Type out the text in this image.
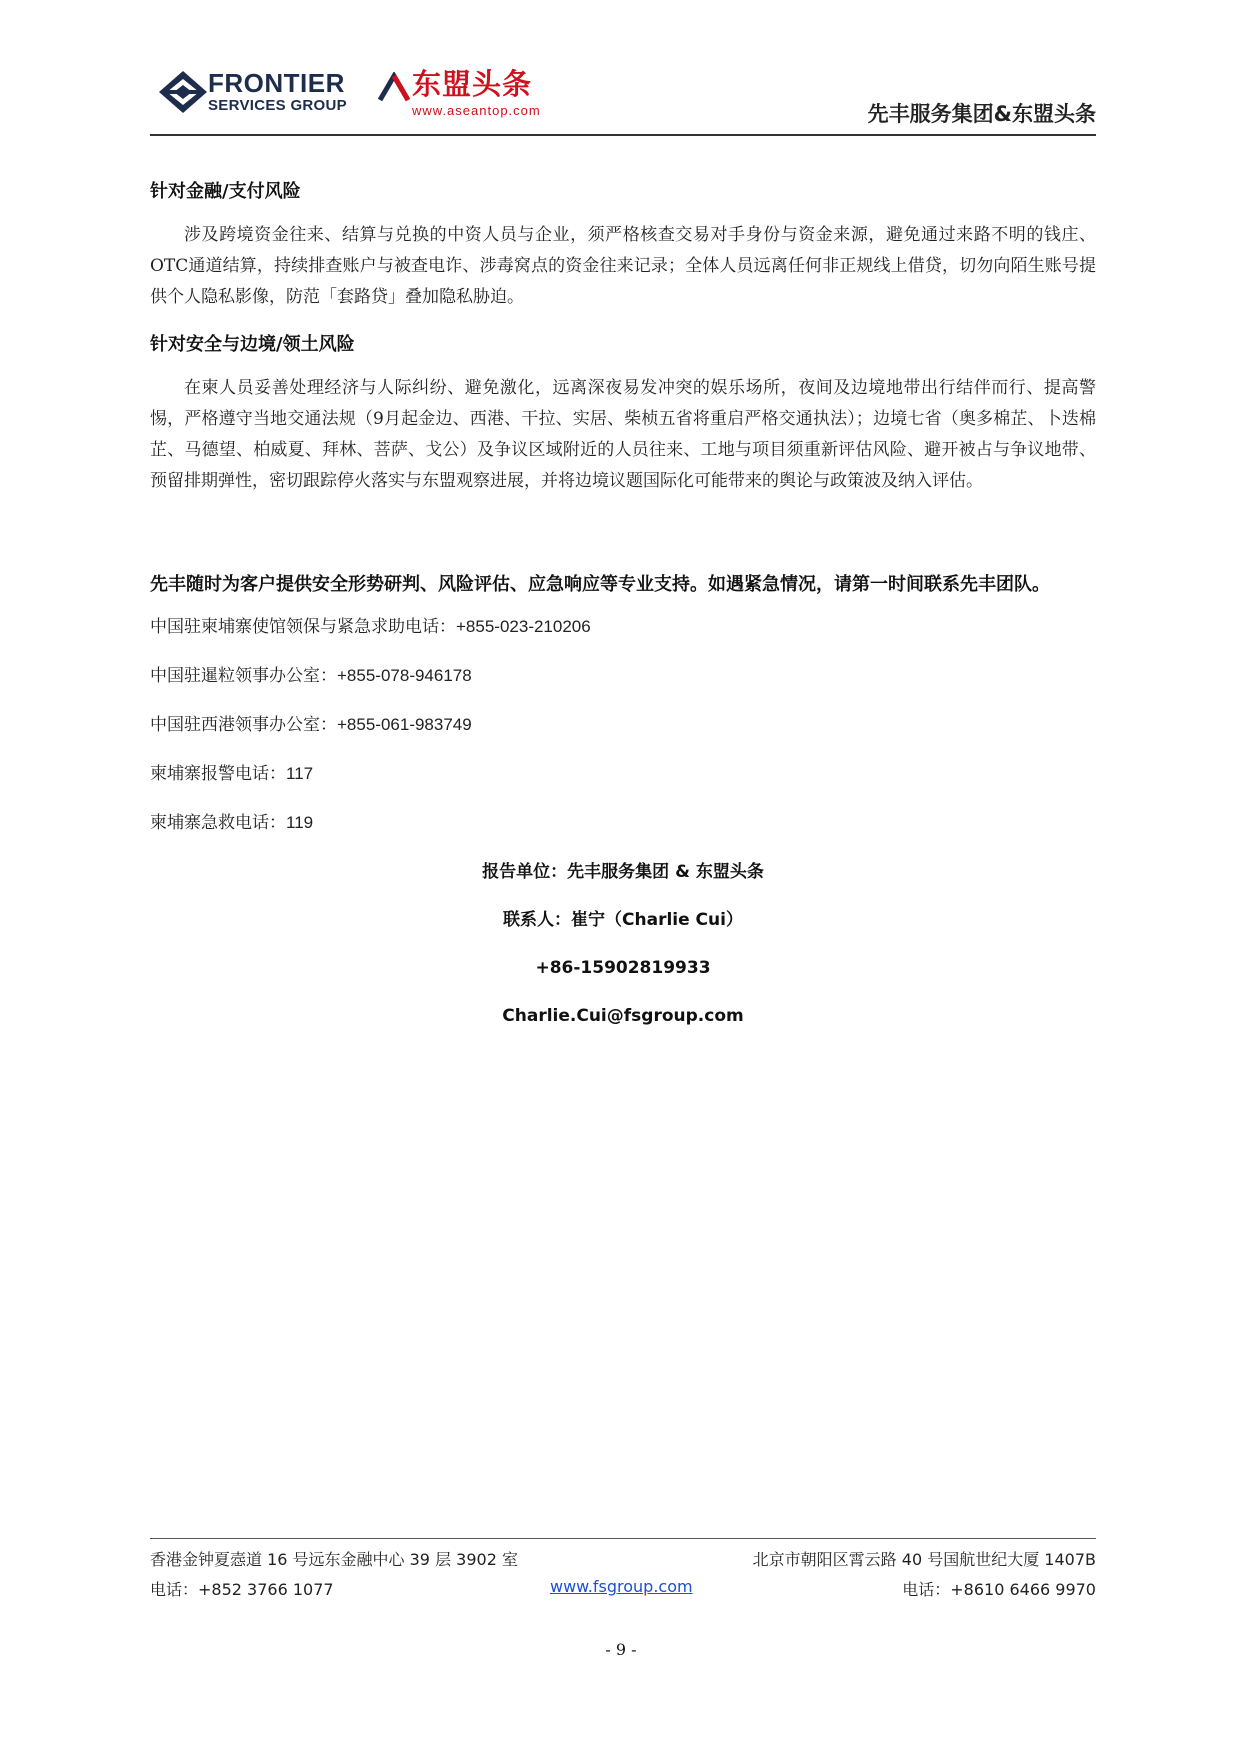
FRONTIER
SERVICES GROUP
东盟头条
www.aseantop.com	先丰服务集团&东盟头条

针对金融/支付风险

涉及跨境资金往来、结算与兑换的中资人员与企业，须严格核查交易对手身份与资金来源，避免通过来路不明的钱庄、OTC通道结算，持续排查账户与被查电诈、涉毒窝点的资金往来记录；全体人员远离任何非正规线上借贷，切勿向陌生账号提供个人隐私影像，防范「套路贷」叠加隐私胁迫。

针对安全与边境/领土风险

在柬人员妥善处理经济与人际纠纷、避免激化，远离深夜易发冲突的娱乐场所，夜间及边境地带出行结伴而行、提高警惕，严格遵守当地交通法规（9月起金边、西港、干拉、实居、柴桢五省将重启严格交通执法）；边境七省（奥多棉芷、卜迭棉芷、马德望、柏威夏、拜林、菩萨、戈公）及争议区域附近的人员往来、工地与项目须重新评估风险、避开被占与争议地带、预留排期弹性，密切跟踪停火落实与东盟观察进展，并将边境议题国际化可能带来的舆论与政策波及纳入评估。

先丰随时为客户提供安全形势研判、风险评估、应急响应等专业支持。如遇紧急情况，请第一时间联系先丰团队。
中国驻柬埔寨使馆领保与紧急求助电话：+855-023-210206
中国驻暹粒领事办公室：+855-078-946178
中国驻西港领事办公室：+855-061-983749
柬埔寨报警电话：117
柬埔寨急救电话：119
报告单位：先丰服务集团 & 东盟头条
联系人：崔宁（Charlie Cui）
+86-15902819933
Charlie.Cui@fsgroup.com
香港金钟夏悫道 16 号远东金融中心 39 层 3902 室	北京市朝阳区霄云路 40 号国航世纪大厦 1407B
电话：+852 3766 1077	www.fsgroup.com	电话：+8610 6466 9970
- 9 -
